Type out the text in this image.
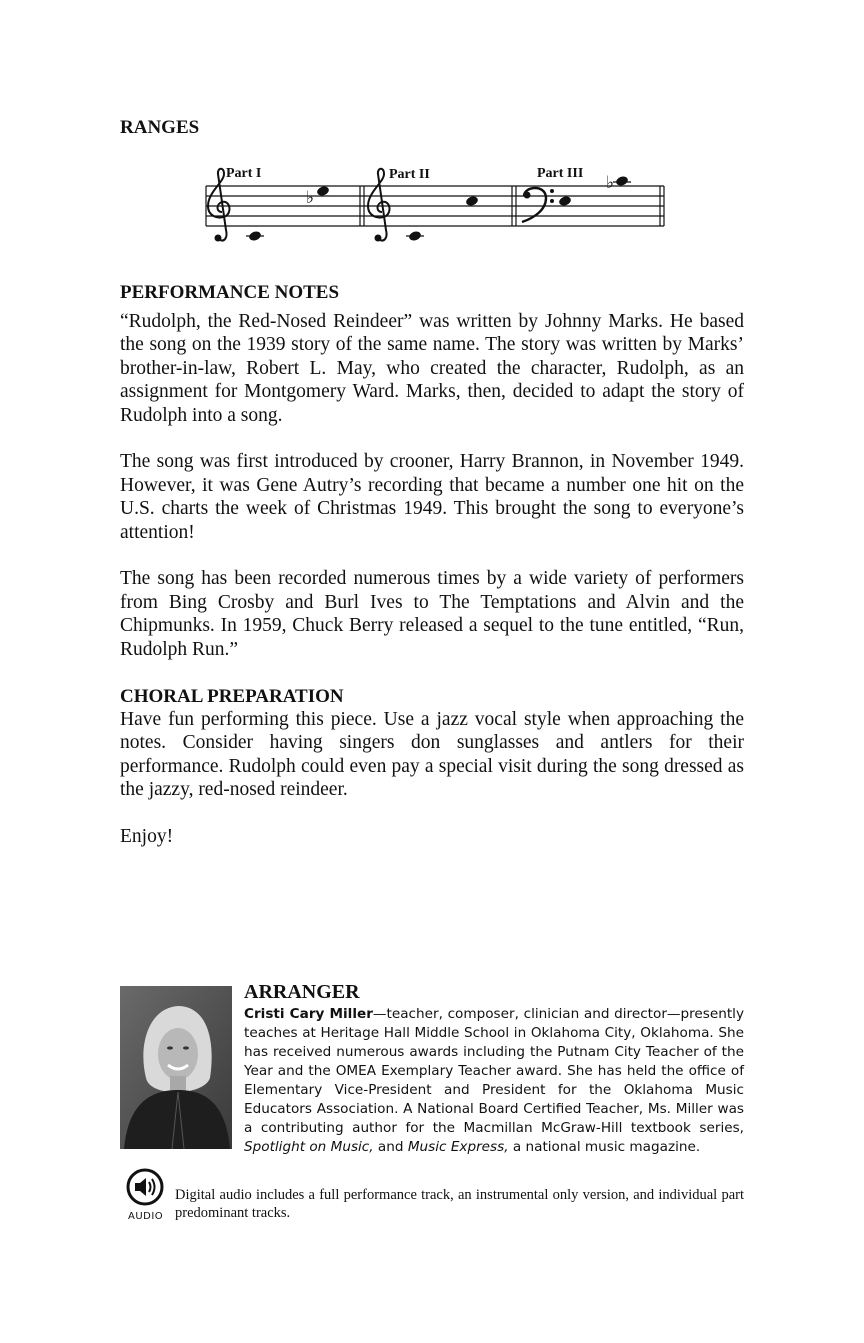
RANGES
Part I	Part II	Part III
♭
♭
PERFORMANCE NOTES

“Rudolph, the Red-Nosed Reindeer” was written by Johnny Marks. He based the song on the 1939 story of the same name. The story was written by Marks’ brother-in-law, Robert L. May, who created the character, Rudolph, as an assignment for Montgomery Ward. Marks, then, decided to adapt the story of Rudolph into a song.

The song was first introduced by crooner, Harry Brannon, in November 1949. However, it was Gene Autry’s recording that became a number one hit on the U.S. charts the week of Christmas 1949. This brought the song to everyone’s attention!

The song has been recorded numerous times by a wide variety of performers from Bing Crosby and Burl Ives to The Temptations and Alvin and the Chipmunks. In 1959, Chuck Berry released a sequel to the tune entitled, “Run, Rudolph Run.”

CHORAL PREPARATION

Have fun performing this piece. Use a jazz vocal style when approaching the notes. Consider having singers don sunglasses and antlers for their performance. Rudolph could even pay a special visit during the song dressed as the jazzy, red-nosed reindeer.

Enjoy!

ARRANGER

Cristi Cary Miller—teacher, composer, clinician and director—presently teaches at Heritage Hall Middle School in Oklahoma City, Oklahoma. She has received numerous awards including the Putnam City Teacher of the Year and the OMEA Exemplary Teacher award. She has held the office of Elementary Vice-President and President for the Oklahoma Music Educators Association. A National Board Certified Teacher, Ms. Miller was a contributing author for the Macmillan McGraw-Hill textbook series, Spotlight on Music, and Music Express, a national music magazine.

AUDIO

Digital audio includes a full performance track, an instrumental only version, and individual part predominant tracks.
